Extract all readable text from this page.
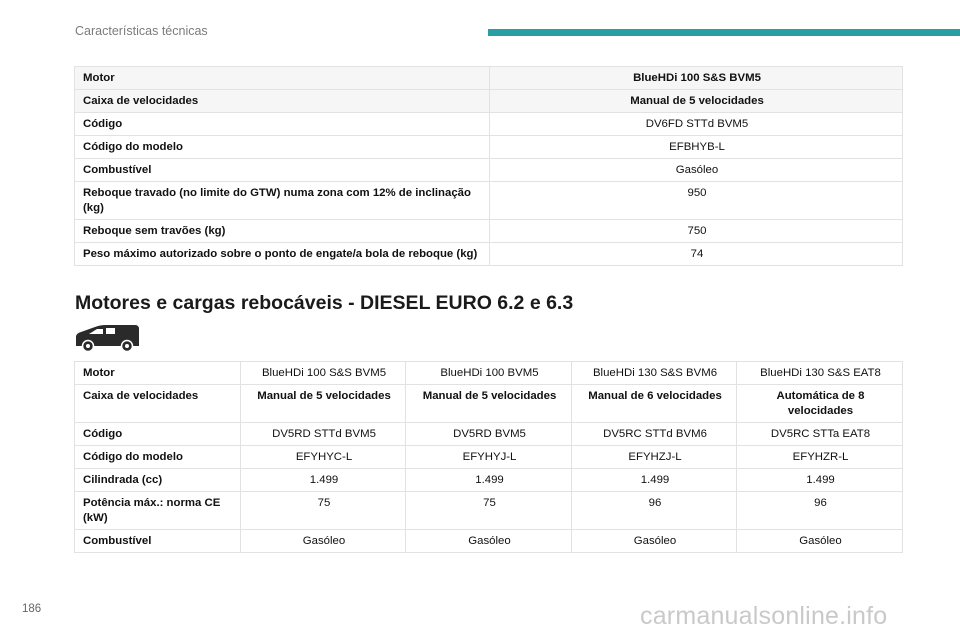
Características técnicas
Motor	BlueHDi 100 S&S BVM5
Caixa de velocidades	Manual de 5 velocidades
Código	DV6FD STTd BVM5
Código do modelo	EFBHYB-L
Combustível	Gasóleo
Reboque travado (no limite do GTW) numa zona com 12% de inclinação (kg)	950
Reboque sem travões (kg)	750
Peso máximo autorizado sobre o ponto de engate/a bola de reboque (kg)	74
Motores e cargas rebocáveis - DIESEL EURO 6.2 e 6.3
Motor	BlueHDi 100 S&S BVM5	BlueHDi 100 BVM5	BlueHDi 130 S&S BVM6	BlueHDi 130 S&S EAT8
Caixa de velocidades	Manual de 5 velocidades	Manual de 5 velocidades	Manual de 6 velocidades	Automática de 8 velocidades
Código	DV5RD STTd BVM5	DV5RD BVM5	DV5RC STTd BVM6	DV5RC STTa EAT8
Código do modelo	EFYHYC-L	EFYHYJ-L	EFYHZJ-L	EFYHZR-L
Cilindrada (cc)	1.499	1.499	1.499	1.499
Potência máx.: norma CE (kW)	75	75	96	96
Combustível	Gasóleo	Gasóleo	Gasóleo	Gasóleo
186	carmanualsonline.info
